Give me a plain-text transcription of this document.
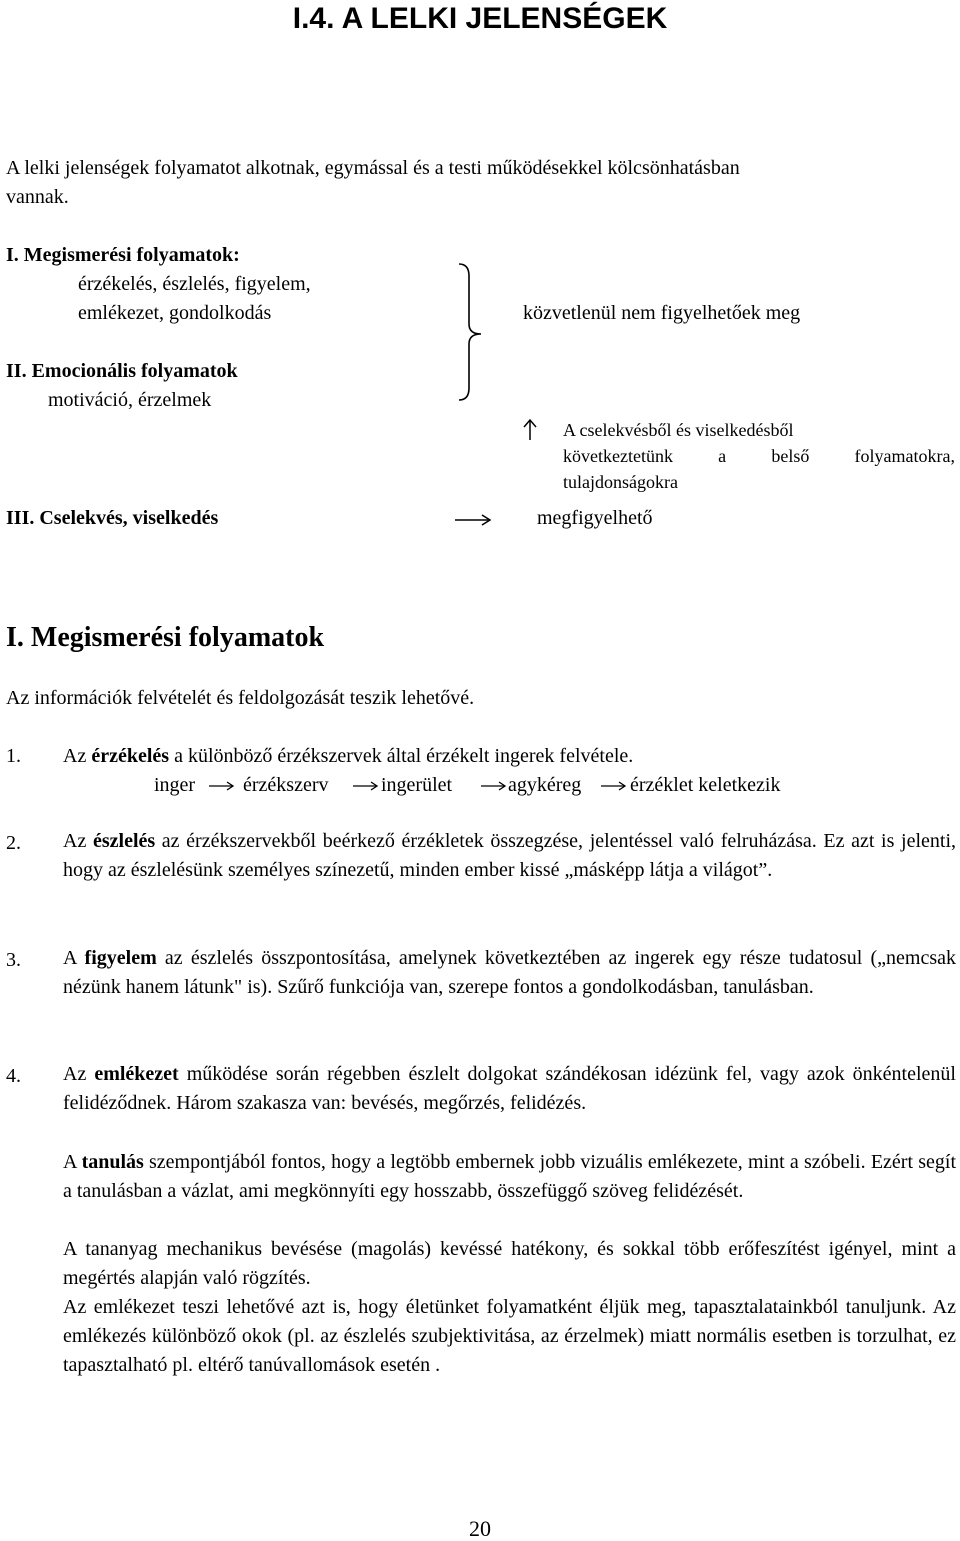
I.4. A LELKI JELENSÉGEK
A lelki jelenségek folyamatot alkotnak, egymással és a testi működésekkel kölcsönhatásban
vannak.
I. Megismerési folyamatok:
érzékelés, észlelés, figyelem,
emlékezet, gondolkodás	közvetlenül nem figyelhetőek meg
II. Emocionális folyamatok
motiváció, érzelmek
A cselekvésből és viselkedésből
következtetünk a belső folyamatokra,
tulajdonságokra
III. Cselekvés, viselkedés	megfigyelhető
I. Megismerési folyamatok
Az információk felvételét és feldolgozását teszik lehetővé.
1. Az érzékelés a különböző érzékszervek által érzékelt ingerek felvétele.
inger érzékszerv	ingerület	agykéreg érzéklet keletkezik
2. Az észlelés az érzékszervekből beérkező érzékletek összegzése, jelentéssel való felruházása. Ez azt is jelenti, hogy az észlelésünk személyes színezetű, minden ember kissé „másképp látja a világot”.
3. A figyelem az észlelés összpontosítása, amelynek következtében az ingerek egy része tudatosul („nemcsak nézünk hanem látunk" is). Szűrő funkciója van, szerepe fontos a gondolkodásban, tanulásban.
4. Az emlékezet működése során régebben észlelt dolgokat szándékosan idézünk fel, vagy azok önkéntelenül felidéződnek. Három szakasza van: bevésés, megőrzés, felidézés.
A tanulás szempontjából fontos, hogy a legtöbb embernek jobb vizuális emlékezete, mint a szóbeli. Ezért segít a tanulásban a vázlat, ami megkönnyíti egy hosszabb, összefüggő szöveg felidézését.
A tananyag mechanikus bevésése (magolás) kevéssé hatékony, és sokkal több erőfeszítést igényel, mint a megértés alapján való rögzítés.
Az emlékezet teszi lehetővé azt is, hogy életünket folyamatként éljük meg, tapasztalatainkból tanuljunk. Az emlékezés különböző okok (pl. az észlelés szubjektivitása, az érzelmek) miatt normális esetben is torzulhat, ez tapasztalható pl. eltérő tanúvallomások esetén .
20
